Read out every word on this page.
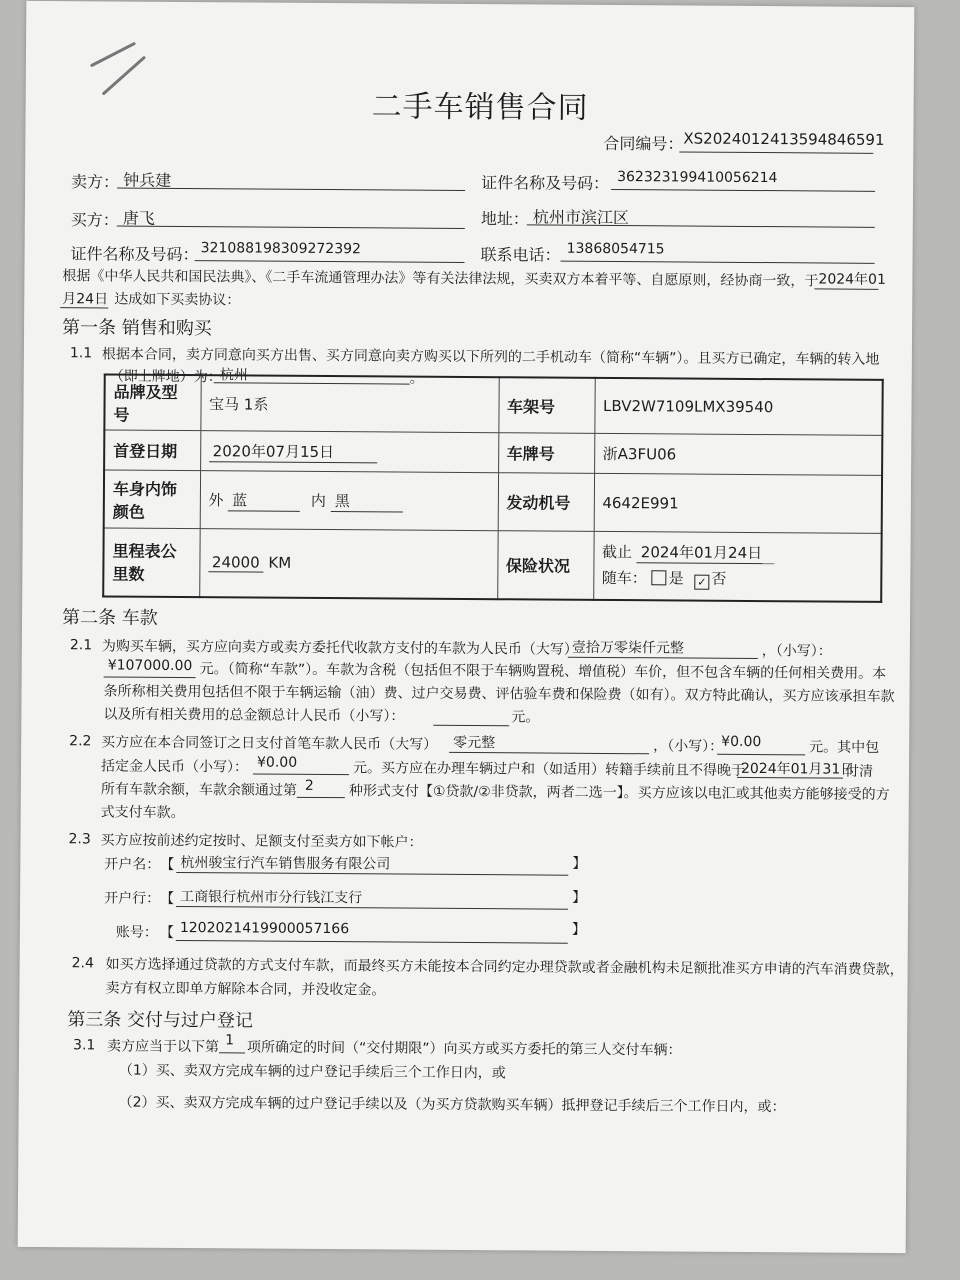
二手车销售合同
合同编号： XS20240124135948465​91
卖方： 钟兵建	证件名称及号码： 362323199410056214
买方： 唐飞	地址： 杭州市滨江区
证件名称及号码： 321088198309272392	联系电话： 13868054715
根据《中华人民共和国民法典》、《二手车流通管理办法》等有关法律法规，买卖双方本着平等、自愿原则，经协商一致，于 2024年01
月24日 达成如下买卖协议：
第一条 销售和购买
1.1 根据本合同，卖方同意向买方出售、买方同意向卖方购买以下所列的二手机动车（简称“车辆”）。且买方已确定，车辆的转入地
（即上牌地）为：
杭州	。
品牌及型号	宝马 1系	车架号	LBV2W7109LMX39540
首登日期	2020年07月15日	车牌号	浙A3FU06
车身内饰颜色	外 蓝 内 黑	发动机号	4642E991
里程表公里数	24000 KM	保险状况	截止 2024年01月24日
随车： 是 ✓ 否
第二条 车款
2.1 为购买车辆，买方应向卖方或卖方委托代收款方支付的车款为人民币（大写）
壹拾万零柒仟元整	，（小写）：
¥107000.00 元。（简称“车款”）。车款为含税（包括但不限于车辆购置税、增值税）车价，但不包含车辆的任何相关费用。本
条所称相关费用包括但不限于车辆运输（油）费、过户交易费、评估验车费和保险费（如有）。双方特此确认，买方应该承担车款
以及所有相关费用的总金额总计人民币（小写）：	元。
2.2 买方应在本合同签订之日支付首笔车款人民币（大写） 零元整	，（小写）：
¥0.00	元。其中包
括定金人民币（小写）： ¥0.00	元。买方应在办理车辆过户和（如适用）转籍手续前且不得晚于
2024年01月31日
付清
所有车款余额，车款余额通过第 2 种形式支付【①贷款/②非贷款，两者二选一】。买方应该以电汇或其他卖方能够接受的方
式支付车款。
2.3 买方应按前述约定按时、足额支付至卖方如下帐户：
开户名： 【 杭州骏宝行汽车销售服务有限公司	】
开户行： 【 工商银行杭州市分行钱江支行	】
账号： 【 1202021419900057166	】
2.4 如买方选择通过贷款的方式支付车款，而最终买方未能按本合同约定办理贷款或者金融机构未足额批准买方申请的汽车消费贷款，
卖方有权立即单方解除本合同，并没收定金。
第三条 交付与过户登记
3.1 卖方应当于以下第 1 项所确定的时间（“交付期限”）向买方或买方委托的第三人交付车辆：
（1）买、卖双方完成车辆的过户登记手续后三个工作日内，或
（2）买、卖双方完成车辆的过户登记手续以及（为买方贷款购买车辆）抵押登记手续后三个工作日内，或：
